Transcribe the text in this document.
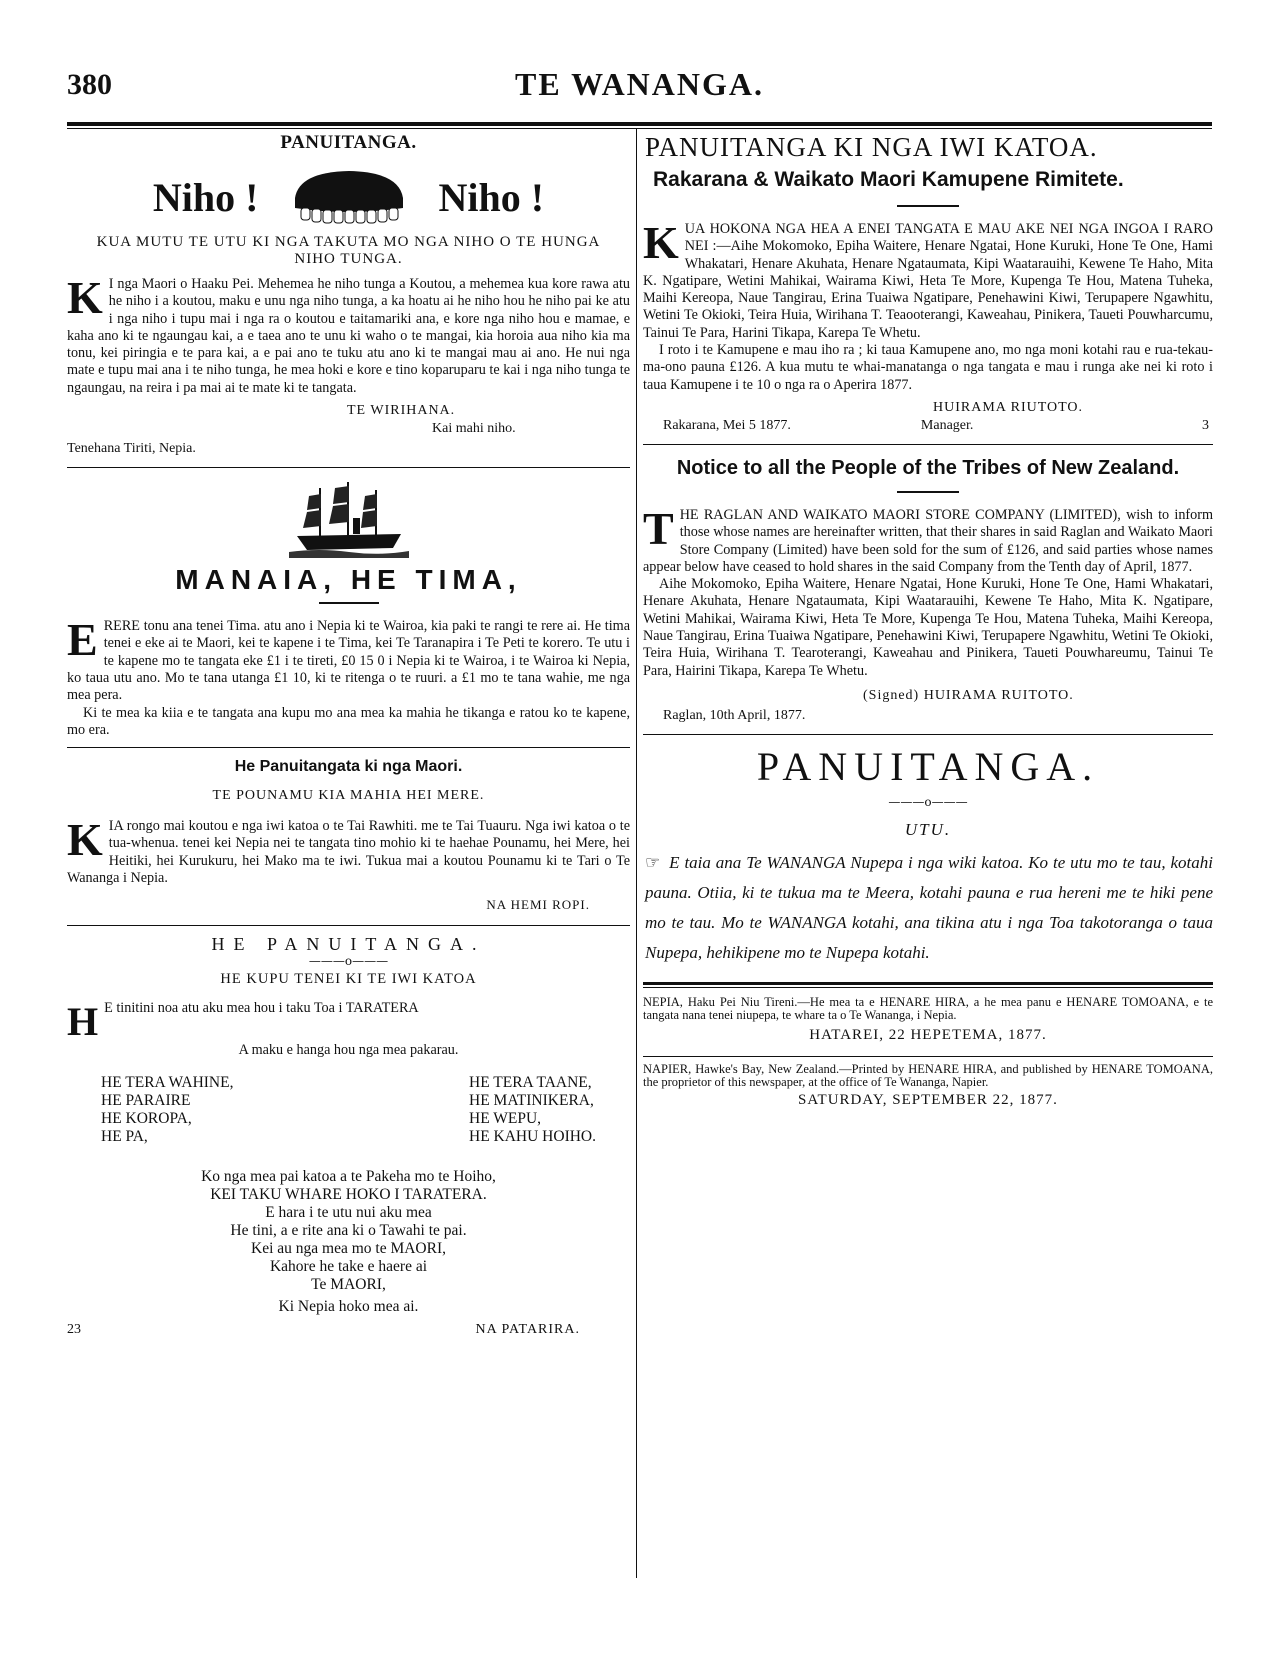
380	TE WANANGA.

PANUITANGA.

Niho !	Niho !

KUA MUTU TE UTU KI NGA TAKUTA MO NGA NIHO O TE HUNGA NIHO TUNGA.

K I nga Maori o Haaku Pei. Mehemea he niho tunga a Koutou, a mehemea kua kore rawa atu he niho i a koutou, maku e unu nga niho tunga, a ka hoatu ai he niho hou he niho pai ke atu i nga niho i tupu mai i nga ra o koutou e taitamariki ana, e kore nga niho hou e mamae, e kaha ano ki te ngaungau kai, a e taea ano te unu ki waho o te mangai, kia horoia aua niho kia ma tonu, kei piringia e te para kai, a e pai ano te tuku atu ano ki te mangai mau ai ano. He nui nga mate e tupu mai ana i te niho tunga, he mea hoki e kore e tino koparuparu te kai i nga niho tunga te ngaungau, na reira i pa mai ai te mate ki te tangata.

TE WIRIHANA.

Kai mahi niho.

Tenehana Tiriti, Nepia.

MANAIA, HE TIMA,

E RERE tonu ana tenei Tima. atu ano i Nepia ki te Wairoa, kia paki te rangi te rere ai. He tima tenei e eke ai te Maori, kei te kapene i te Tima, kei Te Taranapira i Te Peti te korero. Te utu i te kapene mo te tangata eke £1 i te tireti, £0 15 0 i Nepia ki te Wairoa, i te Wairoa ki Nepia, ko taua utu ano. Mo te tana utanga £1 10, ki te ritenga o te ruuri. a £1 mo te tana wahie, me nga mea pera.

Ki te mea ka kiia e te tangata ana kupu mo ana mea ka mahia he tikanga e ratou ko te kapene, mo era.

He Panuitangata ki nga Maori.

TE POUNAMU KIA MAHIA HEI MERE.

K IA rongo mai koutou e nga iwi katoa o te Tai Rawhiti. me te Tai Tuauru. Nga iwi katoa o te tua-whenua. tenei kei Nepia nei te tangata tino mohio ki te haehae Pounamu, hei Mere, hei Heitiki, hei Kurukuru, hei Mako ma te iwi. Tukua mai a koutou Pounamu ki te Tari o Te Wananga i Nepia.

NA HEMI ROPI.

HE PANUITANGA.

———o———

HE KUPU TENEI KI TE IWI KATOA

H E tinitini noa atu aku mea hou i taku Toa i TARATERA

A maku e hanga hou nga mea pakarau.

HE TERA WAHINE,

HE PARAIRE

HE KOROPA,

HE PA,

HE TERA TAANE,

HE MATINIKERA,

HE WEPU,

HE KAHU HOIHO.

Ko nga mea pai katoa a te Pakeha mo te Hoiho,

KEI TAKU WHARE HOKO I TARATERA.

E hara i te utu nui aku mea

He tini, a e rite ana ki o Tawahi te pai.

Kei au nga mea mo te MAORI,

Kahore he take e haere ai

Te MAORI,

Ki Nepia hoko mea ai.

23	NA PATARIRA.

PANUITANGA KI NGA IWI KATOA.

Rakarana & Waikato Maori Kamupene Rimitete.

K UA HOKONA NGA HEA A ENEI TANGATA E MAU AKE NEI NGA INGOA I RARO NEI :—Aihe Mokomoko, Epiha Waitere, Henare Ngatai, Hone Kuruki, Hone Te One, Hami Whakatari, Henare Akuhata, Henare Ngataumata, Kipi Waatarauihi, Kewene Te Haho, Mita K. Ngatipare, Wetini Mahikai, Wairama Kiwi, Heta Te More, Kupenga Te Hou, Matena Tuheka, Maihi Kereopa, Naue Tangirau, Erina Tuaiwa Ngatipare, Penehawini Kiwi, Terupapere Ngawhitu, Wetini Te Okioki, Teira Huia, Wirihana T. Teaooterangi, Kaweahau, Pinikera, Taueti Pouwharcumu, Tainui Te Para, Harini Tikapa, Karepa Te Whetu.

I roto i te Kamupene e mau iho ra ; ki taua Kamupene ano, mo nga moni kotahi rau e rua-tekau-ma-ono pauna £126. A kua mutu te whai-manatanga o nga tangata e mau i runga ake nei ki roto i taua Kamupene i te 10 o nga ra o Aperira 1877.

HUIRAMA RIUTOTO.

Rakarana, Mei 5 1877.	Manager.	3

Notice to all the People of the Tribes of New Zealand.

T HE RAGLAN AND WAIKATO MAORI STORE COMPANY (LIMITED), wish to inform those whose names are hereinafter written, that their shares in said Raglan and Waikato Maori Store Company (Limited) have been sold for the sum of £126, and said parties whose names appear below have ceased to hold shares in the said Company from the Tenth day of April, 1877.

Aihe Mokomoko, Epiha Waitere, Henare Ngatai, Hone Kuruki, Hone Te One, Hami Whakatari, Henare Akuhata, Henare Ngataumata, Kipi Waatarauihi, Kewene Te Haho, Mita K. Ngatipare, Wetini Mahikai, Wairama Kiwi, Heta Te More, Kupenga Te Hou, Matena Tuheka, Maihi Kereopa, Naue Tangirau, Erina Tuaiwa Ngatipare, Penehawini Kiwi, Terupapere Ngawhitu, Wetini Te Okioki, Teira Huia, Wirihana T. Tearoterangi, Kaweahau and Pinikera, Taueti Pouwhareumu, Tainui Te Para, Hairini Tikapa, Karepa Te Whetu.

(Signed) HUIRAMA RUITOTO.

Raglan, 10th April, 1877.

PANUITANGA.

———o———

UTU.

☞ E taia ana Te WANANGA Nupepa i nga wiki katoa. Ko te utu mo te tau, kotahi pauna. Otiia, ki te tukua ma te Meera, kotahi pauna e rua hereni me te hiki pene mo te tau. Mo te WANANGA kotahi, ana tikina atu i nga Toa takotoranga o taua Nupepa, hehikipene mo te Nupepa kotahi.

NEPIA, Haku Pei Niu Tireni.—He mea ta e HENARE HIRA, a he mea panu e HENARE TOMOANA, e te tangata nana tenei niupepa, te whare ta o Te Wananga, i Nepia.

HATAREI, 22 HEPETEMA, 1877.

NAPIER, Hawke's Bay, New Zealand.—Printed by HENARE HIRA, and published by HENARE TOMOANA, the proprietor of this newspaper, at the office of Te Wananga, Napier.

SATURDAY, SEPTEMBER 22, 1877.
